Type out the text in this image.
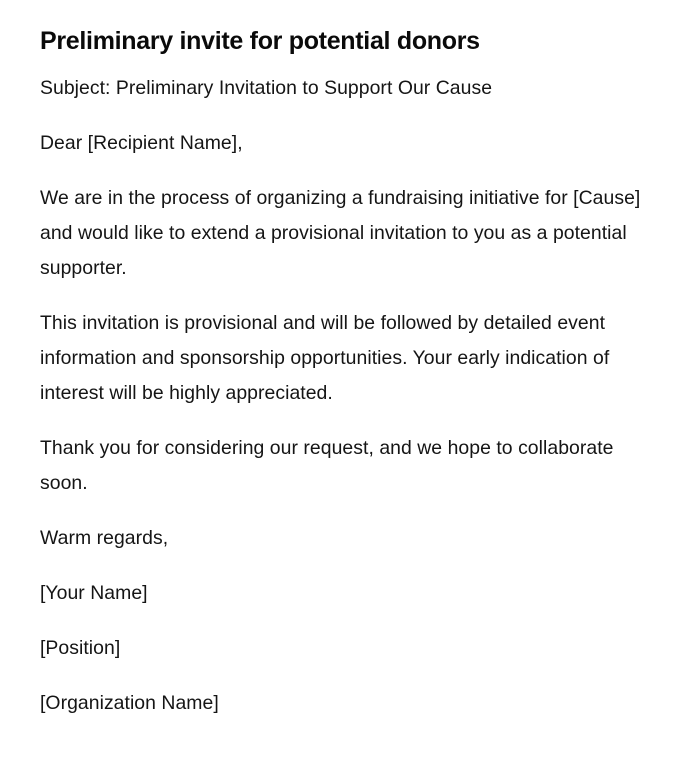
Preliminary invite for potential donors

Subject: Preliminary Invitation to Support Our Cause

Dear [Recipient Name],

We are in the process of organizing a fundraising initiative for [Cause] and would like to extend a provisional invitation to you as a potential supporter.

This invitation is provisional and will be followed by detailed event information and sponsorship opportunities. Your early indication of interest will be highly appreciated.

Thank you for considering our request, and we hope to collaborate soon.

Warm regards,

[Your Name]

[Position]

[Organization Name]
